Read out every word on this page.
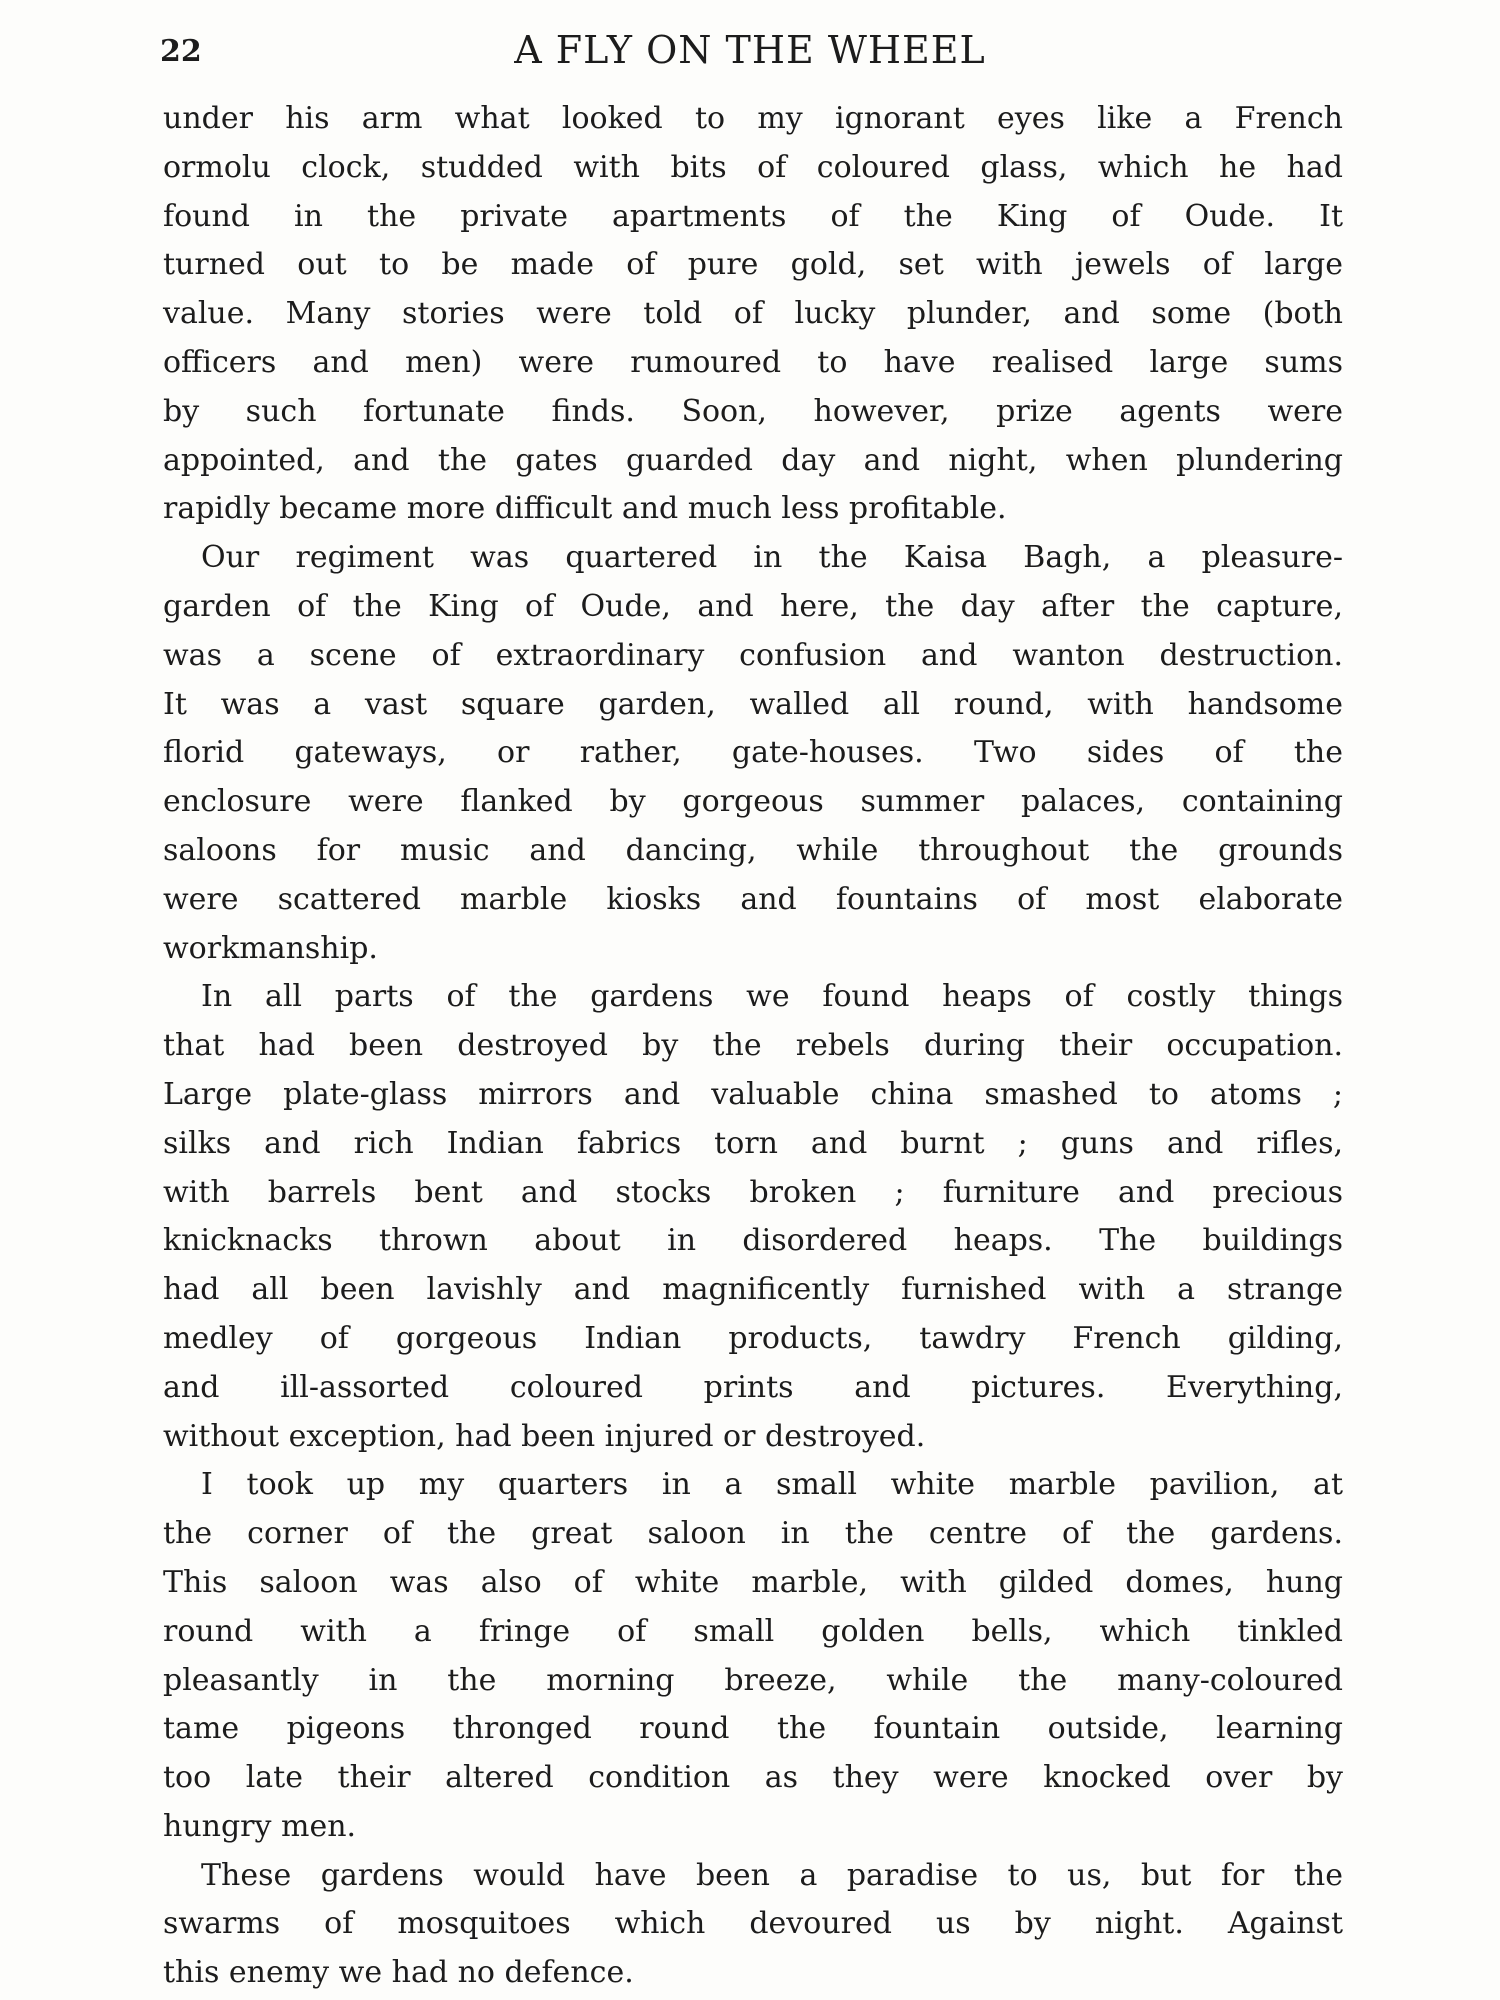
22	A FLY ON THE WHEEL
under his arm what looked to my ignorant eyes like a French
ormolu clock, studded with bits of coloured glass, which he had
found in the private apartments of the King of Oude. It
turned out to be made of pure gold, set with jewels of large
value. Many stories were told of lucky plunder, and some (both
officers and men) were rumoured to have realised large sums
by such fortunate finds. Soon, however, prize agents were
appointed, and the gates guarded day and night, when plundering
rapidly became more difficult and much less profitable.
Our regiment was quartered in the Kaisa Bagh, a pleasure-
garden of the King of Oude, and here, the day after the capture,
was a scene of extraordinary confusion and wanton destruction.
It was a vast square garden, walled all round, with handsome
florid gateways, or rather, gate-houses. Two sides of the
enclosure were flanked by gorgeous summer palaces, containing
saloons for music and dancing, while throughout the grounds
were scattered marble kiosks and fountains of most elaborate
workmanship.
In all parts of the gardens we found heaps of costly things
that had been destroyed by the rebels during their occupation.
Large plate-glass mirrors and valuable china smashed to atoms ;
silks and rich Indian fabrics torn and burnt ; guns and rifles,
with barrels bent and stocks broken ; furniture and precious
knicknacks thrown about in disordered heaps. The buildings
had all been lavishly and magnificently furnished with a strange
medley of gorgeous Indian products, tawdry French gilding,
and ill-assorted coloured prints and pictures. Everything,
without exception, had been injured or destroyed.
I took up my quarters in a small white marble pavilion, at
the corner of the great saloon in the centre of the gardens.
This saloon was also of white marble, with gilded domes, hung
round with a fringe of small golden bells, which tinkled
pleasantly in the morning breeze, while the many-coloured
tame pigeons thronged round the fountain outside, learning
too late their altered condition as they were knocked over by
hungry men.
These gardens would have been a paradise to us, but for the
swarms of mosquitoes which devoured us by night. Against
this enemy we had no defence.
